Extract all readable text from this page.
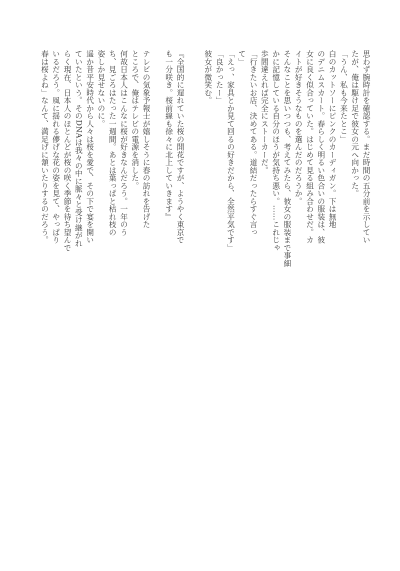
思わず腕時計を確認する。まだ時間の五分前を示してい
たが、俺は駆け足で彼女の元へ向かった。
「うん、私も今来たとこ」
白のカットソーにピンクのカーディガン。下は無地
のデニムスカート。春らしく明るい色合いの服装は、彼
女に良く似合っていた。はじめて見る組み合わせだ。カ
イトが好きそうなものを選んだのだろうか。
そんなことを思いつつも、考えてみたら、彼女の服装まで事細
かに記憶している自分のほうが気持ち悪い。……これじゃ
歩間違えれば完全にストーカーだ。
「行きたいお店、決めてある。道結だったらすぐ言っ
て」
「えっ、家具とか見て回るの好きだから、全然平気です」
「良かったー」
彼女が微笑む。
『全国的に遅れていた桜の開花ですが、ようやく東京で
も一分咲き。桜前線も徐々に北上していきます』
テレビの気象予報士が嬉しそうに春の訪れを告げた
ところで、俺はテレビの電源を消した。
何故日本人はこんなに桜が好きなんだろう。一年のう
ち、見ごろはたった一週間。あとは葉っぱと枯れ枝の
姿しか見せないのに。
遥か昔平安時代から人々は桜を愛で、その下で宴を開い
ていたという。そのDNAは我々の中に脈々と受け継がれ
らく現在、日本人のほとんどが桜の咲く季節を待ち望んで
いるだろう。風に揺れる儚げな花の姿を見て、やっぱり
春は桜よね」なんて、満足げに頷いたりするのだろう。
